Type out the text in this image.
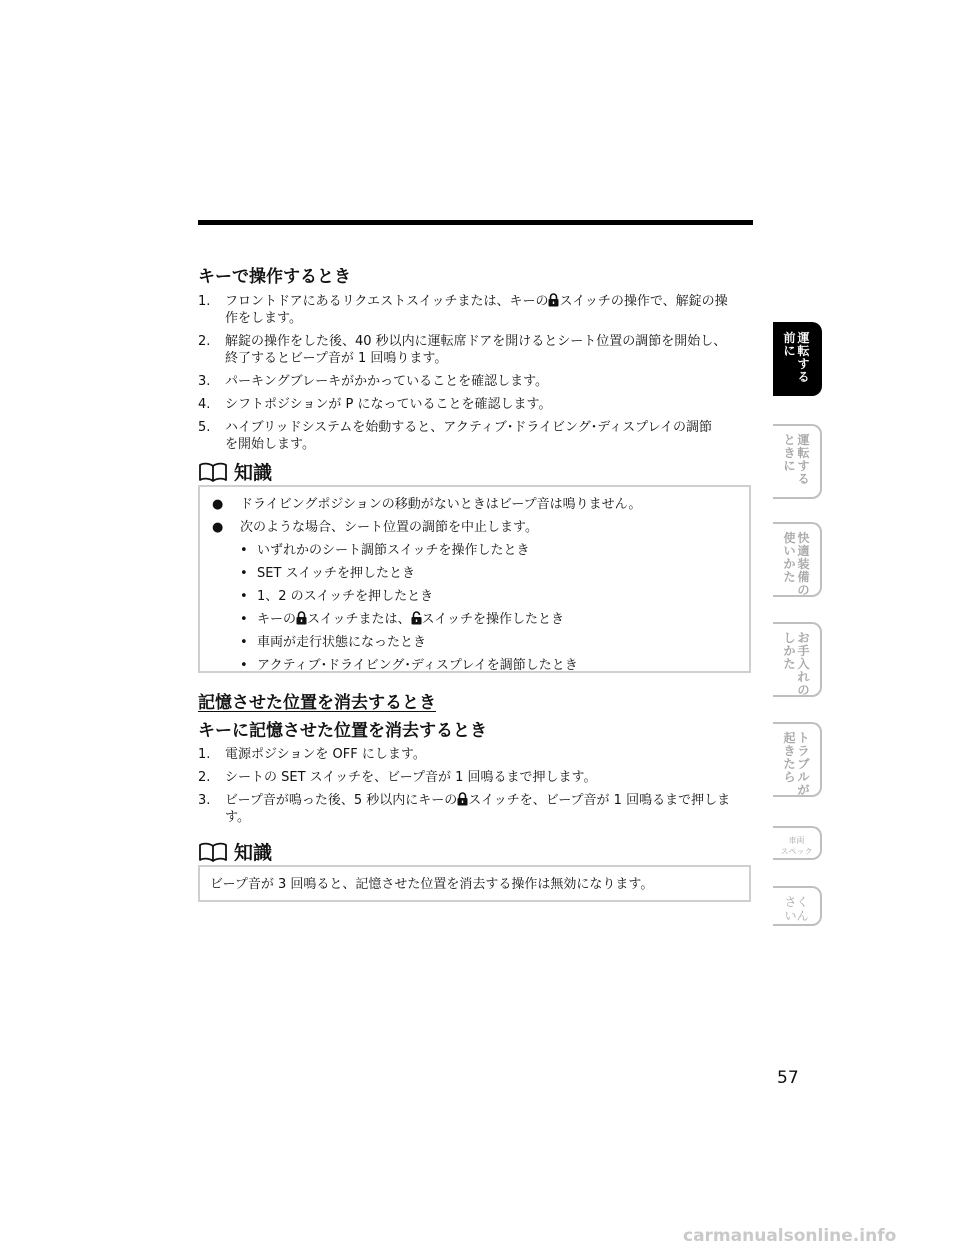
キーで操作するとき
1. フロントドアにあるリクエストスイッチまたは、キーの スイッチの操作で、解錠の操
作をします。
2. 解錠の操作をした後、40 秒以内に運転席ドアを開けるとシート位置の調節を開始し、
終了するとビープ音が 1 回鳴ります。
3. パーキングブレーキがかかっていることを確認します。
4. シフトポジションが P になっていることを確認します。
5. ハイブリッドシステムを始動すると、アクティブ･ドライビング･ディスプレイの調節
を開始します。
知識
● ドライビングポジションの移動がないときはビープ音は鳴りません。
● 次のような場合、シート位置の調節を中止します。
• いずれかのシート調節スイッチを操作したとき
• SET スイッチを押したとき
• 1、2 のスイッチを押したとき
• キーの スイッチまたは、 スイッチを操作したとき
• 車両が走行状態になったとき
• アクティブ･ドライビング･ディスプレイを調節したとき
記憶させた位置を消去するとき
キーに記憶させた位置を消去するとき
1. 電源ポジションを OFF にします。
2. シートの SET スイッチを、ビープ音が 1 回鳴るまで押します。
3. ビープ音が鳴った後、5 秒以内にキーの スイッチを、ビープ音が 1 回鳴るまで押しま
す。
知識
ビープ音が 3 回鳴ると、記憶させた位置を消去する操作は無効になります。
運
転
す
る
前
に
運
転
す
る
と
き
に
快
適
装
備
の
使
い
か
た
お
手
入
れ
の
し
か
た
ト
ラ
ブ
ル
が
起
き
た
ら
車両
スペック
さく
いん
57
carmanualsonline.info
